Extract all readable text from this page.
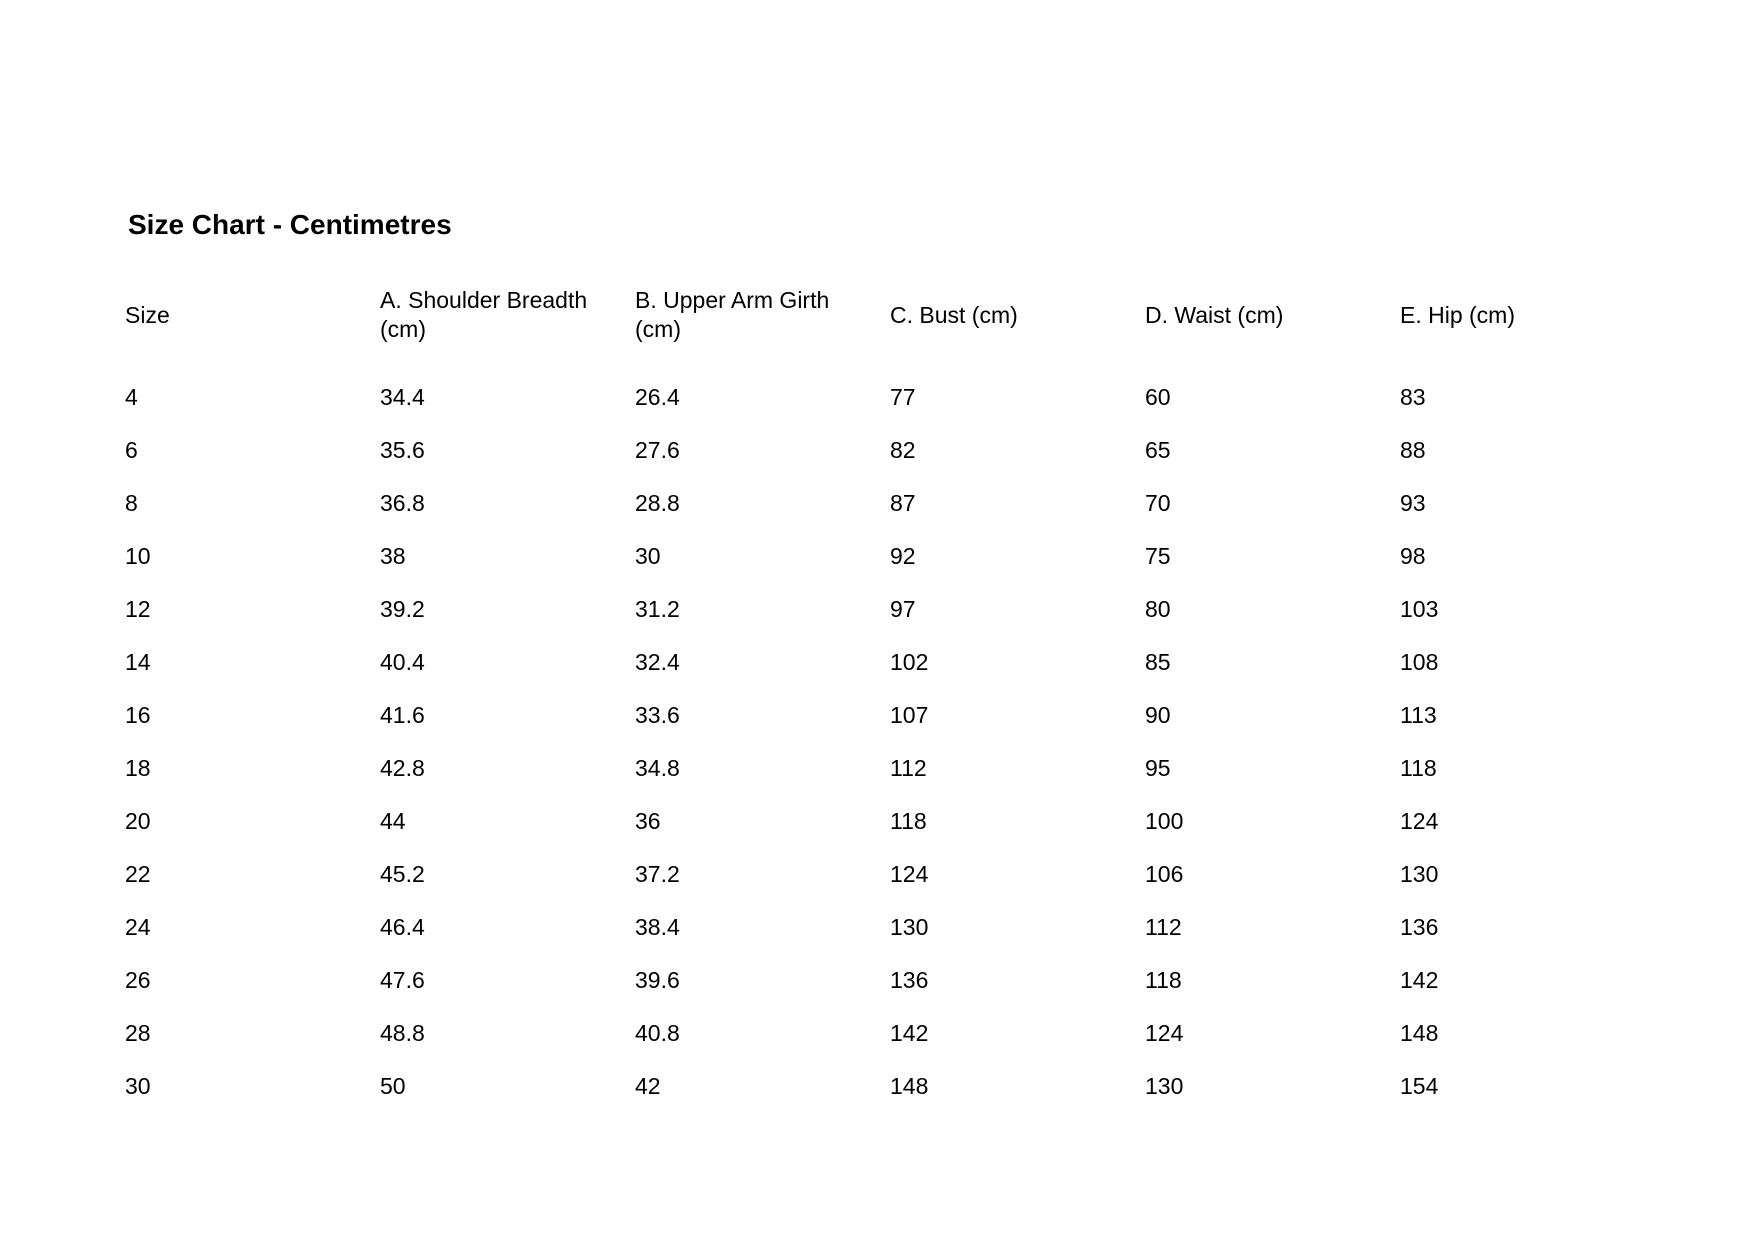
Size Chart - Centimetres
Size	A. Shoulder Breadth (cm)	B. Upper Arm Girth (cm)	C. Bust (cm)	D. Waist (cm)	E. Hip (cm)

4	34.4	26.4	77	60	83
6	35.6	27.6	82	65	88
8	36.8	28.8	87	70	93
10	38	30	92	75	98
12	39.2	31.2	97	80	103
14	40.4	32.4	102	85	108
16	41.6	33.6	107	90	113
18	42.8	34.8	112	95	118
20	44	36	118	100	124
22	45.2	37.2	124	106	130
24	46.4	38.4	130	112	136
26	47.6	39.6	136	118	142
28	48.8	40.8	142	124	148
30	50	42	148	130	154
